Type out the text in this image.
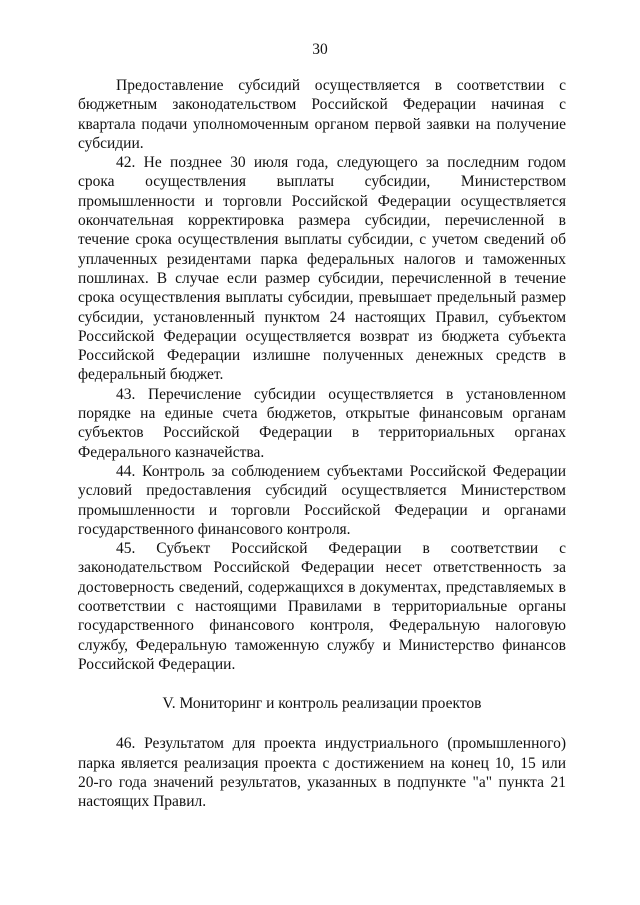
30

Предоставление субсидий осуществляется в соответствии с бюджетным законодательством Российской Федерации начиная с квартала подачи уполномоченным органом первой заявки на получение субсидии.

42. Не позднее 30 июля года, следующего за последним годом срока осуществления выплаты субсидии, Министерством промышленности и торговли Российской Федерации осуществляется окончательная корректировка размера субсидии, перечисленной в течение срока осуществления выплаты субсидии, с учетом сведений об уплаченных резидентами парка федеральных налогов и таможенных пошлинах. В случае если размер субсидии, перечисленной в течение срока осуществления выплаты субсидии, превышает предельный размер субсидии, установленный пунктом 24 настоящих Правил, субъектом Российской Федерации осуществляется возврат из бюджета субъекта Российской Федерации излишне полученных денежных средств в федеральный бюджет.

43. Перечисление субсидии осуществляется в установленном порядке на единые счета бюджетов, открытые финансовым органам субъектов Российской Федерации в территориальных органах Федерального казначейства.

44. Контроль за соблюдением субъектами Российской Федерации условий предоставления субсидий осуществляется Министерством промышленности и торговли Российской Федерации и органами государственного финансового контроля.

45. Субъект Российской Федерации в соответствии с законодательством Российской Федерации несет ответственность за достоверность сведений, содержащихся в документах, представляемых в соответствии с настоящими Правилами в территориальные органы государственного финансового контроля, Федеральную налоговую службу, Федеральную таможенную службу и Министерство финансов Российской Федерации.

V. Мониторинг и контроль реализации проектов

46. Результатом для проекта индустриального (промышленного) парка является реализация проекта с достижением на конец 10, 15 или 20-го года значений результатов, указанных в подпункте "а" пункта 21 настоящих Правил.
